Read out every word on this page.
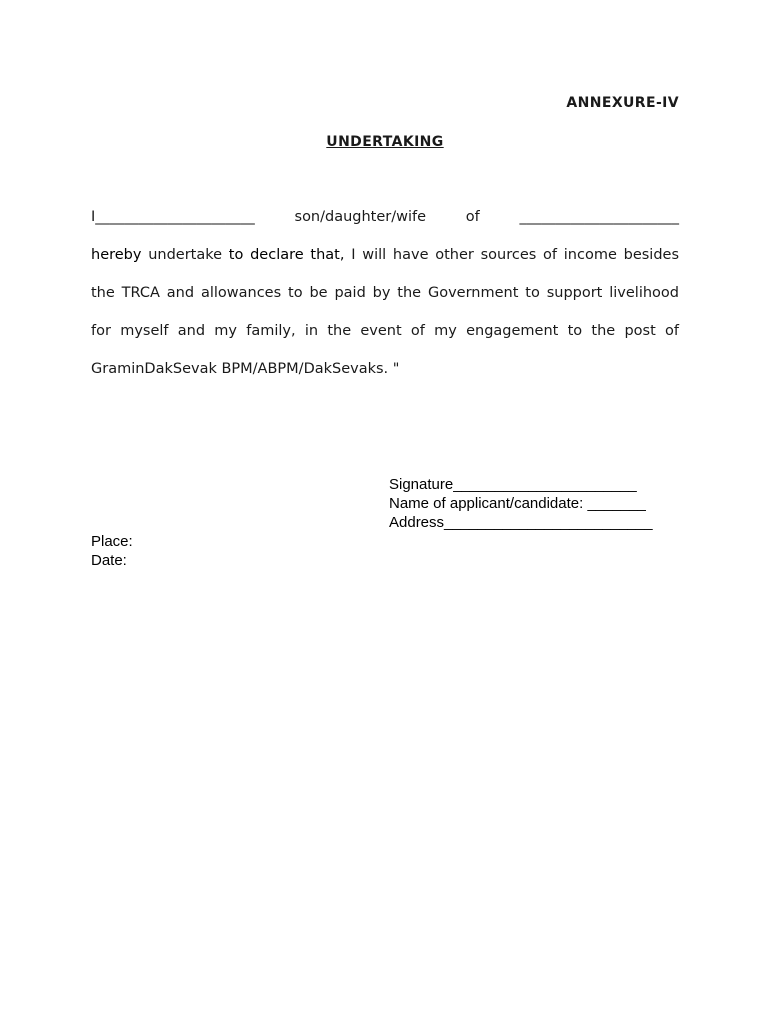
ANNEXURE-IV
UNDERTAKING
I______________________ son/daughter/wife of ______________________
hereby undertake to declare that, I will have other sources of income besides
the TRCA and allowances to be paid by the Government to support livelihood
for myself and my family, in the event of my engagement to the post of
GraminDakSevak BPM/ABPM/DakSevaks. "
Signature______________________
Name of applicant/candidate: _______
Address_________________________
Place:
Date:
